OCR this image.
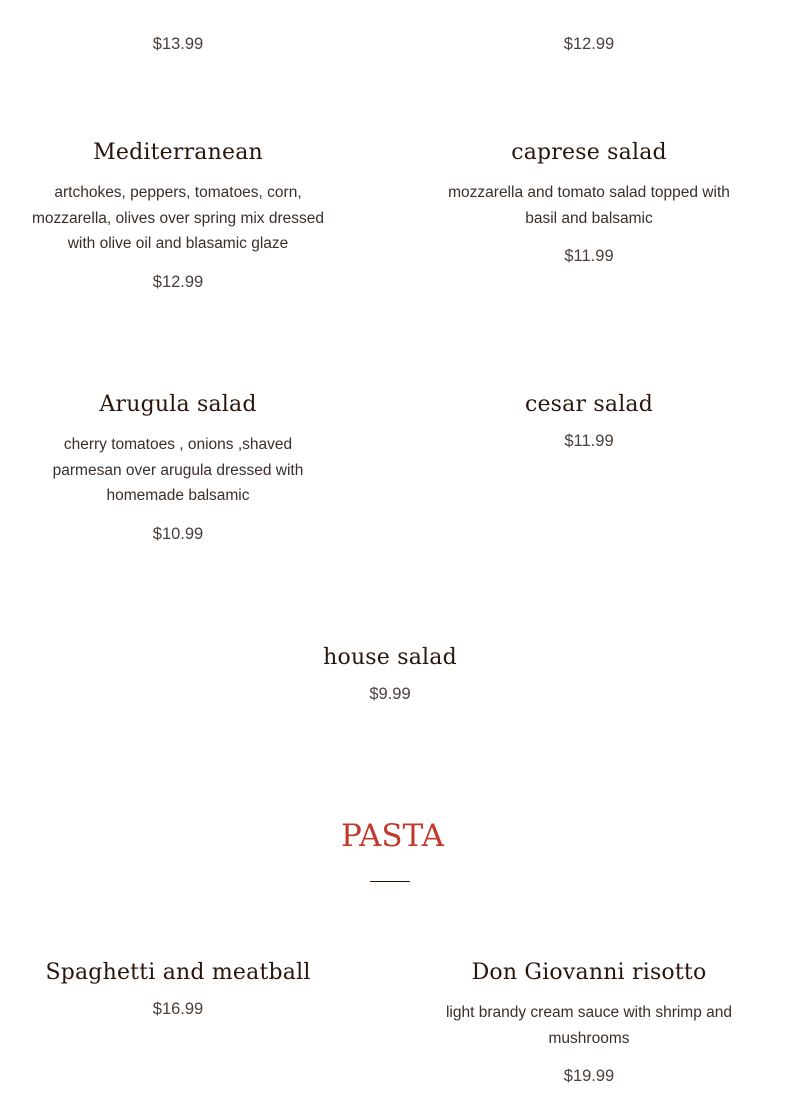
$13.99	$12.99

Mediterranean

artchokes, peppers, tomatoes, corn, mozzarella, olives over spring mix dressed with olive oil and blasamic glaze

$12.99

caprese salad

mozzarella and tomato salad topped with basil and balsamic

$11.99

Arugula salad

cherry tomatoes , onions ,shaved parmesan over arugula dressed with homemade balsamic

$10.99

cesar salad

$11.99

house salad

$9.99

PASTA
Spaghetti and meatball

$16.99

Don Giovanni risotto

light brandy cream sauce with shrimp and mushrooms

$19.99
